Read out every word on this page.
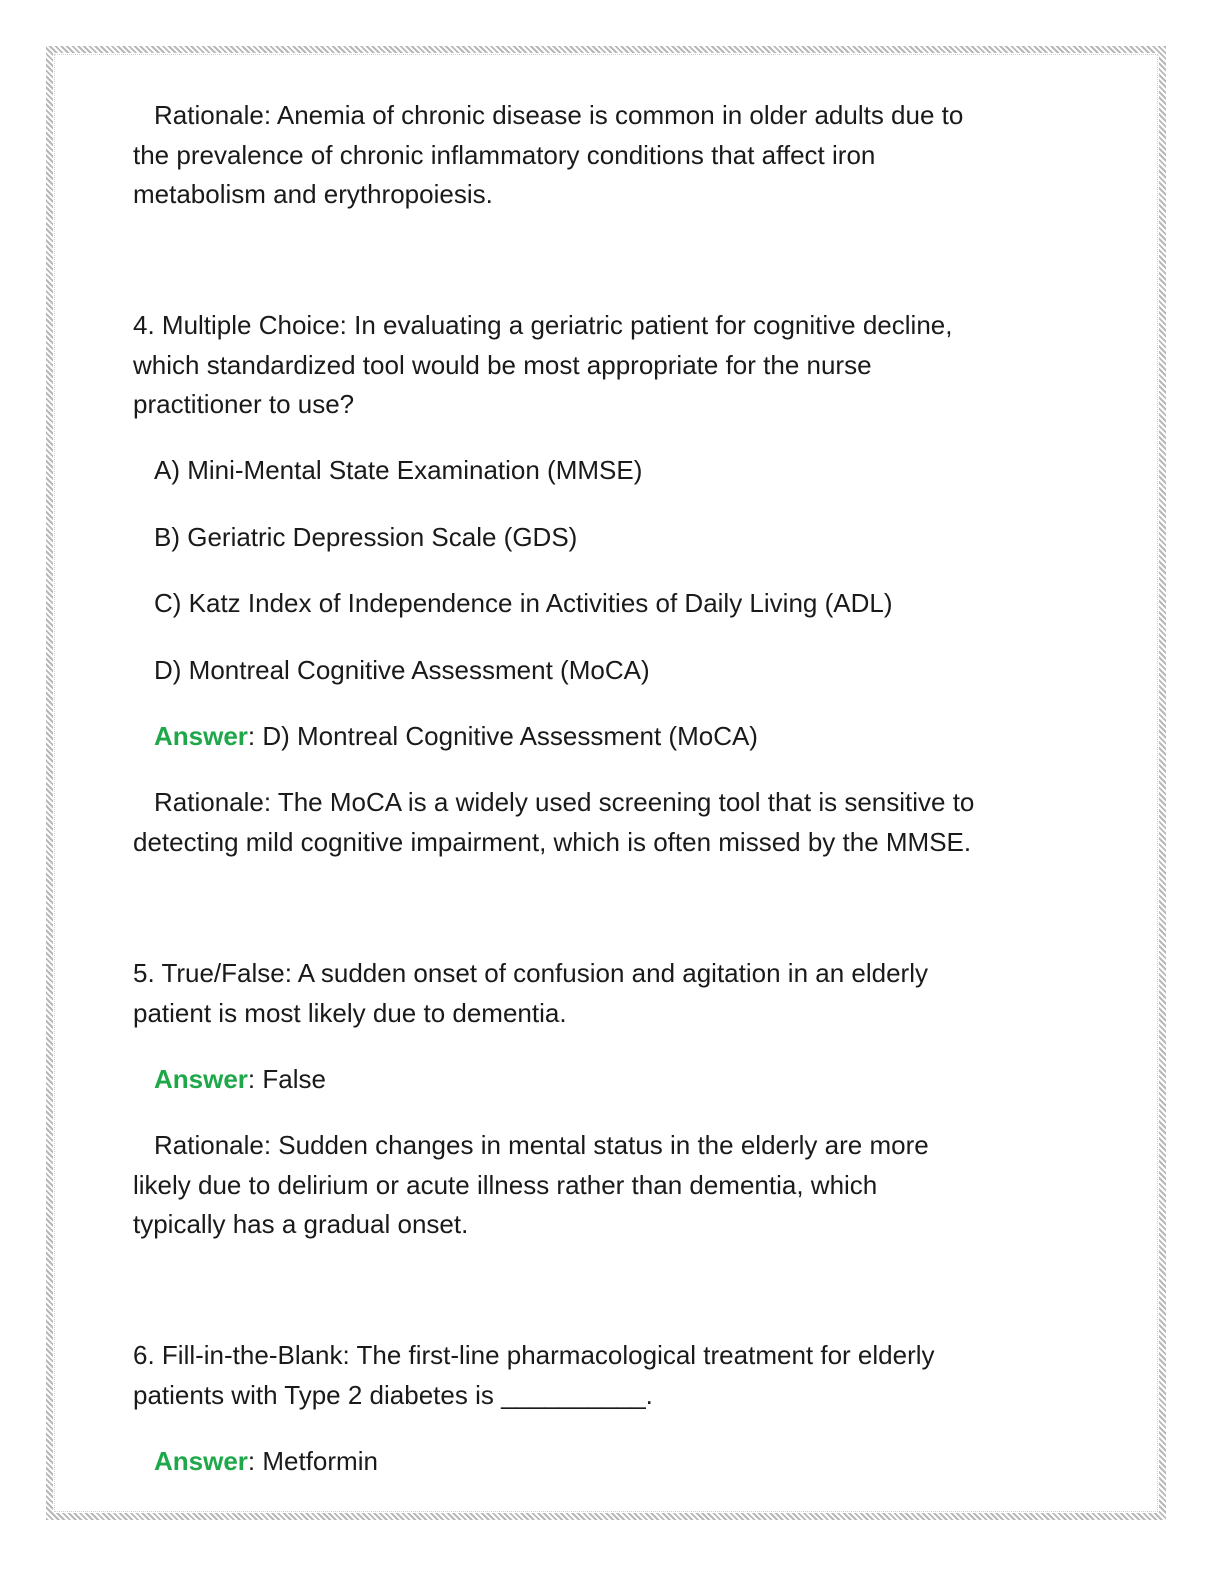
Rationale: Anemia of chronic disease is common in older adults due to

the prevalence of chronic inflammatory conditions that affect iron

metabolism and erythropoiesis.

4. Multiple Choice: In evaluating a geriatric patient for cognitive decline,

which standardized tool would be most appropriate for the nurse

practitioner to use?

A) Mini-Mental State Examination (MMSE)

B) Geriatric Depression Scale (GDS)

C) Katz Index of Independence in Activities of Daily Living (ADL)

D) Montreal Cognitive Assessment (MoCA)

Answer: D) Montreal Cognitive Assessment (MoCA)

Rationale: The MoCA is a widely used screening tool that is sensitive to

detecting mild cognitive impairment, which is often missed by the MMSE.

5. True/False: A sudden onset of confusion and agitation in an elderly

patient is most likely due to dementia.

Answer: False

Rationale: Sudden changes in mental status in the elderly are more

likely due to delirium or acute illness rather than dementia, which

typically has a gradual onset.

6. Fill-in-the-Blank: The first-line pharmacological treatment for elderly

patients with Type 2 diabetes is __________.

Answer: Metformin
